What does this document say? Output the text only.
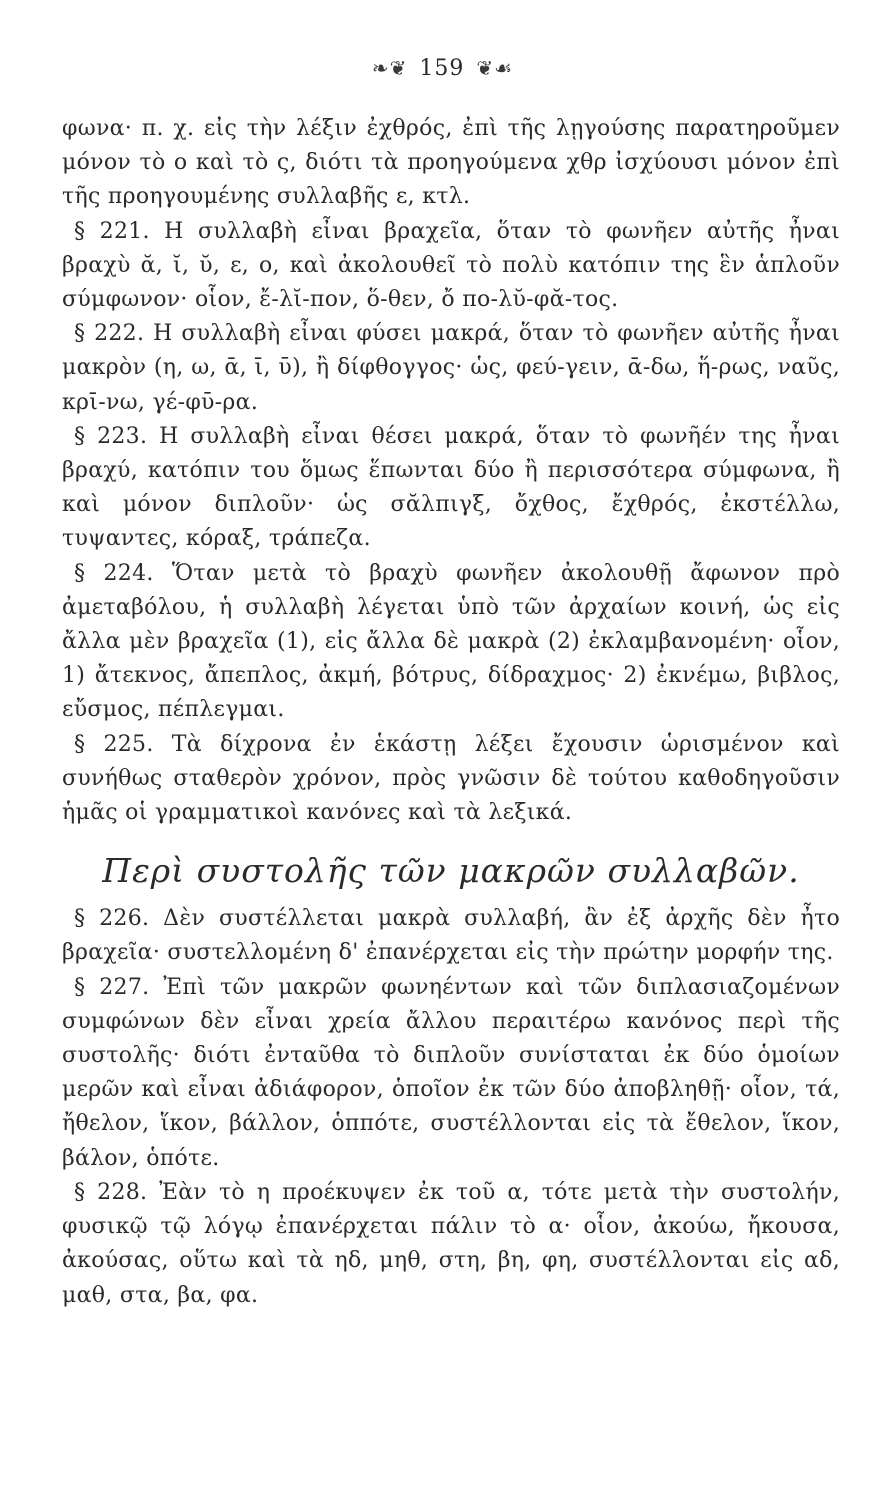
❧❦ 159 ❦☙

φωνα· π. χ. εἰς τὴν λέξιν ἐχθρός, ἐπὶ τῆς λῃγούσης παρατηροῦμεν μόνον τὸ ο καὶ τὸ ς, διότι τὰ προηγούμενα χθρ ἰσχύουσι μόνον ἐπὶ τῆς προηγουμένης συλλαβῆς ε, κτλ.

§ 221. Η συλλαβὴ εἶναι βραχεῖα, ὅταν τὸ φωνῆεν αὐτῆς ἦναι βραχὺ ᾰ, ῐ, ῠ, ε, ο, καὶ ἀκολουθεῖ τὸ πολὺ κατόπιν της ἓν ἁπλοῦν σύμφωνον· οἷον, ἔ-λῐ-πον, ὅ-θεν, ὄ πο-λῠ-φᾰ-τος.

§ 222. Η συλλαβὴ εἶναι φύσει μακρά, ὅταν τὸ φωνῆεν αὐτῆς ἦναι μακρὸν (η, ω, ᾱ, ῑ, ῡ), ἢ δίφθογγος· ὡς, φεύ-γειν, ᾱ-δω, ἥ-ρως, ναῦς, κρῑ-νω, γέ-φῡ-ρα.

§ 223. Η συλλαβὴ εἶναι θέσει μακρά, ὅταν τὸ φωνῆέν της ἦναι βραχύ, κατόπιν του ὅμως ἕπωνται δύο ἢ περισσότερα σύμφωνα, ἢ καὶ μόνον διπλοῦν· ὡς σᾰλπιγξ, ὄχθος, ἔχθρός, ἐκστέλλω, τυψαντες, κόραξ, τράπεζα.

§ 224. Ὅταν μετὰ τὸ βραχὺ φωνῆεν ἀκολουθῇ ἄφωνον πρὸ ἀμεταβόλου, ἡ συλλαβὴ λέγεται ὑπὸ τῶν ἀρχαίων κοινή, ὡς εἰς ἄλλα μὲν βραχεῖα (1), εἰς ἄλλα δὲ μακρὰ (2) ἐκλαμβανομένη· οἷον, 1) ἄτεκνος, ἄπεπλος, ἀκμή, βότρυς, δίδραχμος· 2) ἐκνέμω, βιβλος, εὔσμος, πέπλεγμαι.

§ 225. Τὰ δίχρονα ἐν ἑκάστῃ λέξει ἔχουσιν ὡρισμένον καὶ συνήθως σταθερὸν χρόνον, πρὸς γνῶσιν δὲ τούτου καθοδηγοῦσιν ἡμᾶς οἱ γραμματικοὶ κανόνες καὶ τὰ λεξικά.

Περὶ συστολῆς τῶν μακρῶν συλλαβῶν.

§ 226. Δὲν συστέλλεται μακρὰ συλλαβή, ἂν ἐξ ἀρχῆς δὲν ἦτο βραχεῖα· συστελλομένη δ' ἐπανέρχεται εἰς τὴν πρώτην μορφήν της.

§ 227. Ἐπὶ τῶν μακρῶν φωνηέντων καὶ τῶν διπλασιαζομένων συμφώνων δὲν εἶναι χρεία ἄλλου περαιτέρω κανόνος περὶ τῆς συστολῆς· διότι ἐνταῦθα τὸ διπλοῦν συνίσταται ἐκ δύο ὁμοίων μερῶν καὶ εἶναι ἀδιάφορον, ὁποῖον ἐκ τῶν δύο ἀποβληθῇ· οἷον, τά, ἤθελον, ἵκον, βάλλον, ὁππότε, συστέλλονται εἰς τὰ ἔθελον, ἵκον, βάλον, ὁπότε.

§ 228. Ἐὰν τὸ η προέκυψεν ἐκ τοῦ α, τότε μετὰ τὴν συστολήν, φυσικῷ τῷ λόγῳ ἐπανέρχεται πάλιν τὸ α· οἷον, ἀκούω, ἤκουσα, ἀκούσας, οὕτω καὶ τὰ ηδ, μηθ, στη, βη, φη, συστέλλονται εἰς αδ, μαθ, στα, βα, φα.
